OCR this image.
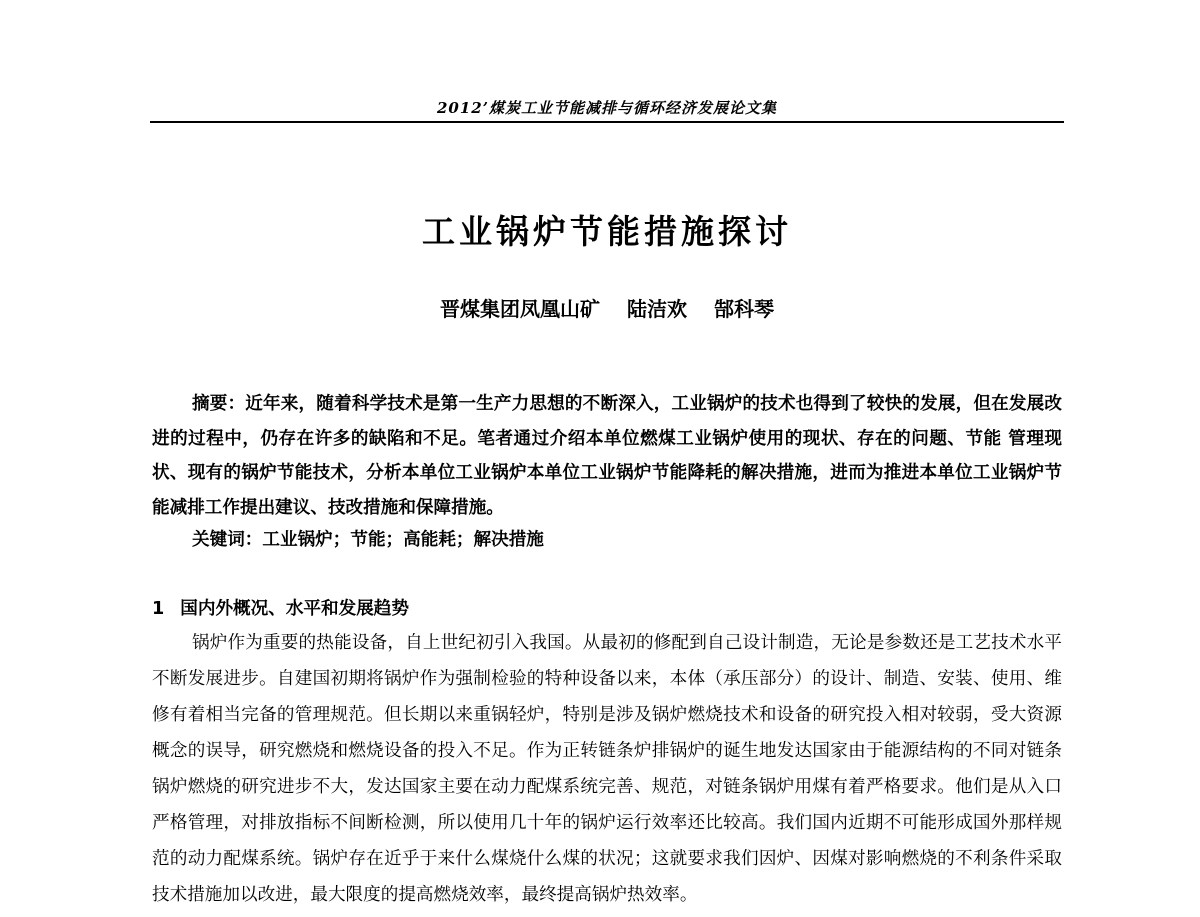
2012’煤炭工业节能减排与循环经济发展论文集
工业锅炉节能措施探讨
晋煤集团凤凰山矿 陆洁欢 郜科琴

摘要：近年来，随着科学技术是第一生产力思想的不断深入，工业锅炉的技术也得到了较快的发展，但在发展改进的过程中，仍存在许多的缺陷和不足。笔者通过介绍本单位燃煤工业锅炉使用的现状、存在的问题、节能 管理现状、现有的锅炉节能技术，分析本单位工业锅炉本单位工业锅炉节能降耗的解决措施，进而为推进本单位工业锅炉节能减排工作提出建议、技改措施和保障措施。

关键词：工业锅炉；节能；高能耗；解决措施

1 国内外概况、水平和发展趋势

锅炉作为重要的热能设备，自上世纪初引入我国。从最初的修配到自己设计制造，无论是参数还是工艺技术水平不断发展进步。自建国初期将锅炉作为强制检验的特种设备以来，本体（承压部分）的设计、制造、安装、使用、维修有着相当完备的管理规范。但长期以来重锅轻炉，特别是涉及锅炉燃烧技术和设备的研究投入相对较弱，受大资源概念的误导，研究燃烧和燃烧设备的投入不足。作为正转链条炉排锅炉的诞生地发达国家由于能源结构的不同对链条锅炉燃烧的研究进步不大，发达国家主要在动力配煤系统完善、规范，对链条锅炉用煤有着严格要求。他们是从入口严格管理，对排放指标不间断检测，所以使用几十年的锅炉运行效率还比较高。我们国内近期不可能形成国外那样规范的动力配煤系统。锅炉存在近乎于来什么煤烧什么煤的状况；这就要求我们因炉、因煤对影响燃烧的不利条件采取技术措施加以改进，最大限度的提高燃烧效率，最终提高锅炉热效率。
